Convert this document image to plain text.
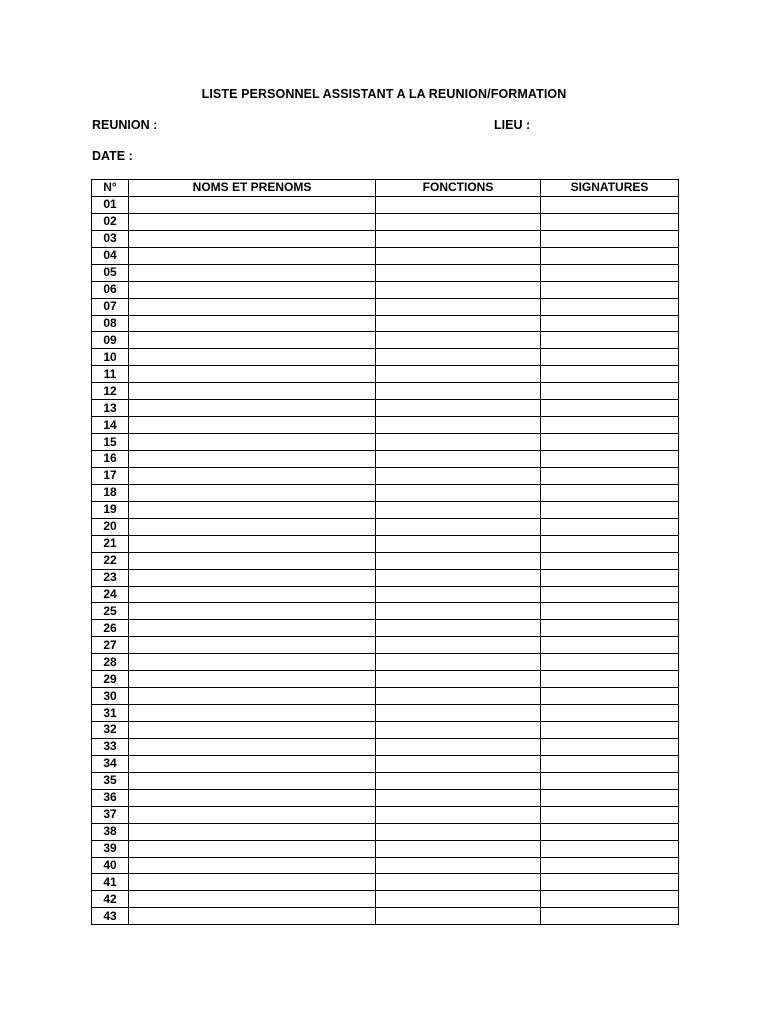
LISTE PERSONNEL ASSISTANT A LA REUNION/FORMATION
REUNION :	LIEU :
DATE :
N°	NOMS ET PRENOMS	FONCTIONS	SIGNATURES
01			
02			
03			
04			
05			
06			
07			
08			
09			
10			
11			
12			
13			
14			
15			
16			
17			
18			
19			
20			
21			
22			
23			
24			
25			
26			
27			
28			
29			
30			
31			
32			
33			
34			
35			
36			
37			
38			
39			
40			
41			
42			
43			
